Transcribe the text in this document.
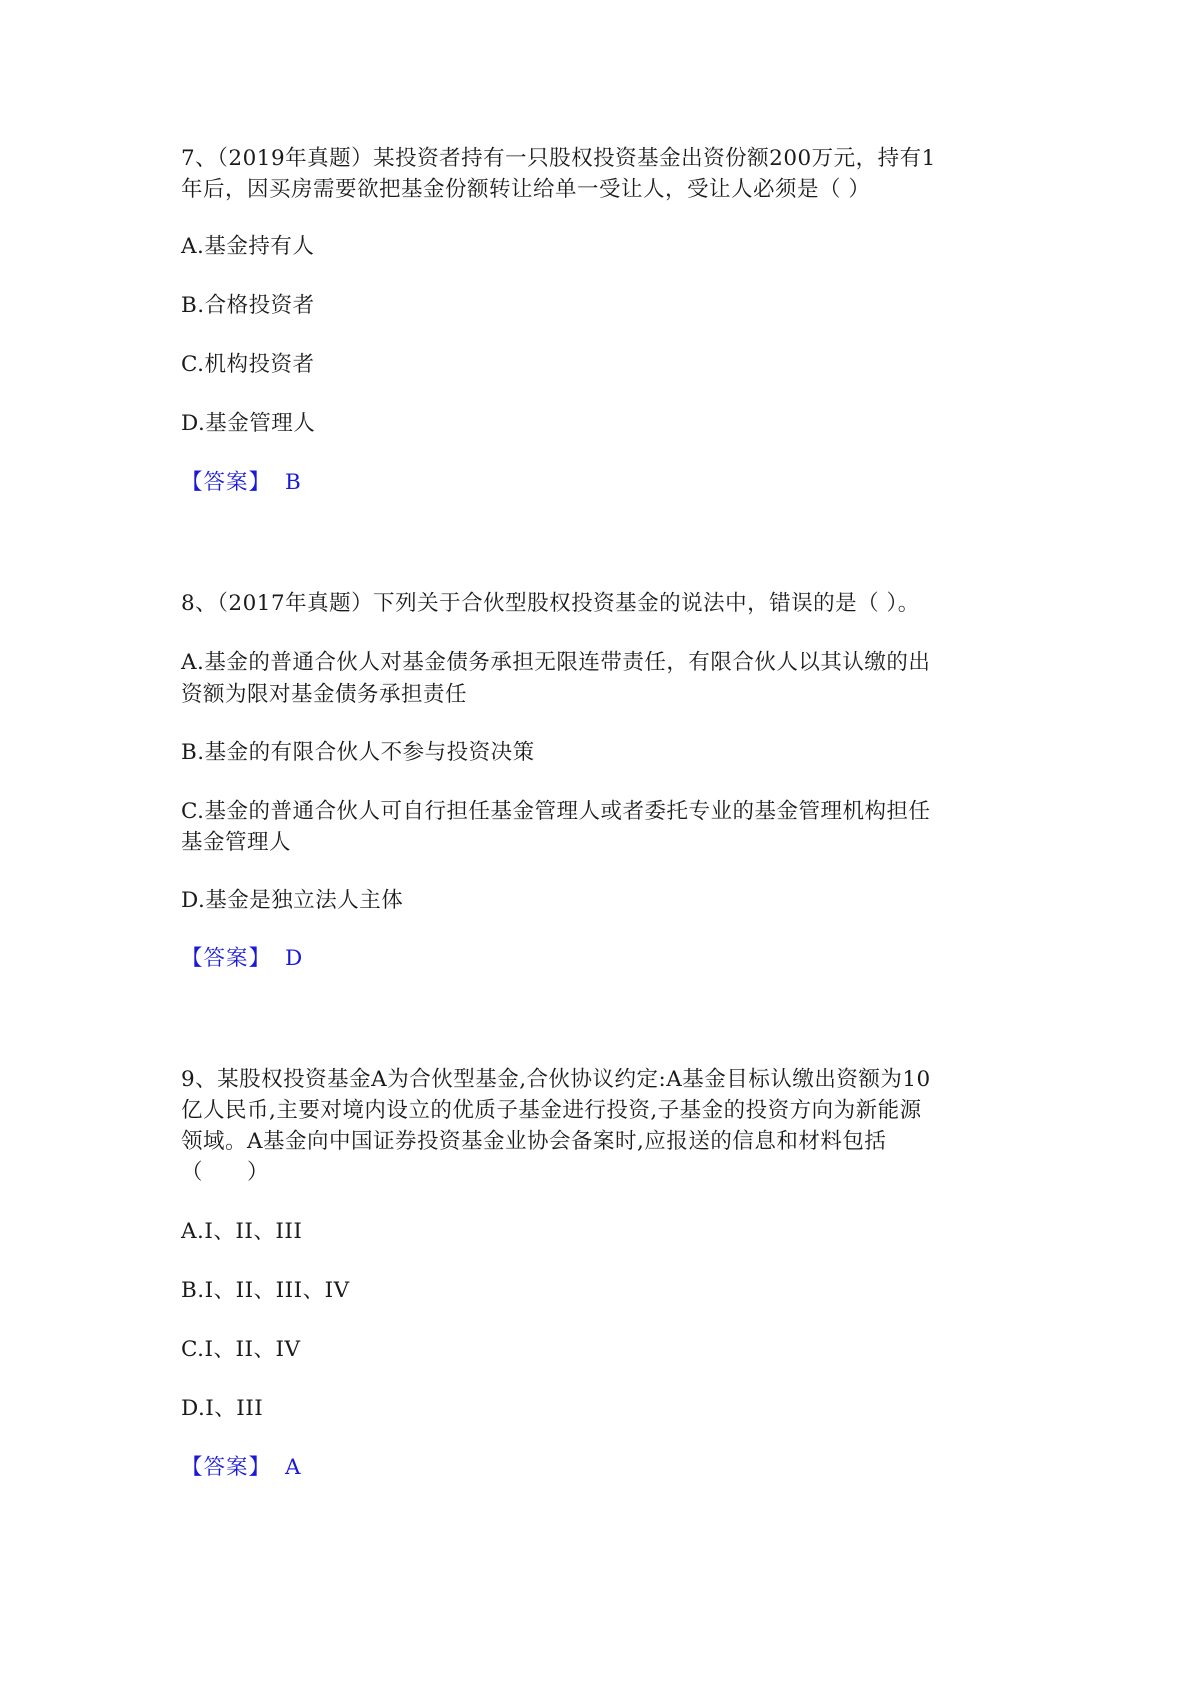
7、（2019年真题）某投资者持有一只股权投资基金出资份额200万元，持有1
年后，因买房需要欲把基金份额转让给单一受让人，受让人必须是（ ）
A.基金持有人
B.合格投资者
C.机构投资者
D.基金管理人
【答案】 B
8、（2017年真题）下列关于合伙型股权投资基金的说法中，错误的是（ ）。
A.基金的普通合伙人对基金债务承担无限连带责任，有限合伙人以其认缴的出
资额为限对基金债务承担责任
B.基金的有限合伙人不参与投资决策
C.基金的普通合伙人可自行担任基金管理人或者委托专业的基金管理机构担任
基金管理人
D.基金是独立法人主体
【答案】 D
9、某股权投资基金A为合伙型基金,合伙协议约定:A基金目标认缴出资额为10
亿人民币,主要对境内设立的优质子基金进行投资,子基金的投资方向为新能源
领域。A基金向中国证券投资基金业协会备案时,应报送的信息和材料包括
（　　）
A.I、II、III
B.I、II、III、IV
C.I、II、IV
D.I、III
【答案】 A
